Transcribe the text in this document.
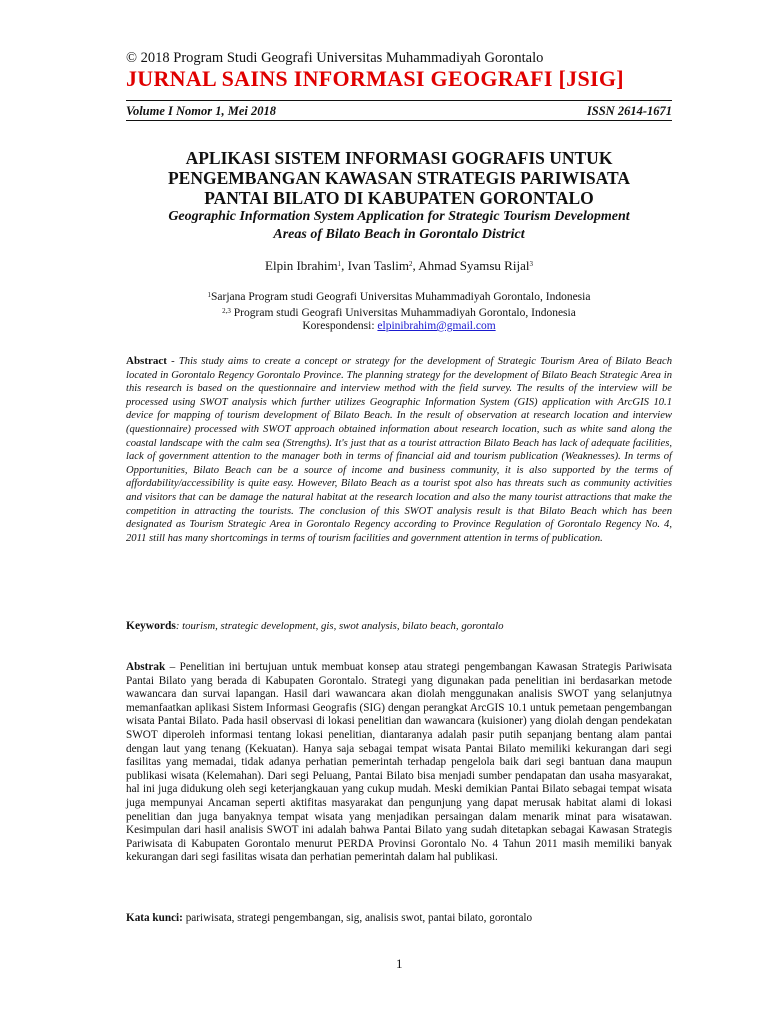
© 2018 Program Studi Geografi Universitas Muhammadiyah Gorontalo
JURNAL SAINS INFORMASI GEOGRAFI [JSIG]
Volume I Nomor 1, Mei 2018	ISSN 2614-1671
APLIKASI SISTEM INFORMASI GOGRAFIS UNTUK
PENGEMBANGAN KAWASAN STRATEGIS PARIWISATA
PANTAI BILATO DI KABUPATEN GORONTALO
Geographic Information System Application for Strategic Tourism Development
Areas of Bilato Beach in Gorontalo District
Elpin Ibrahim$^1$, Ivan Taslim$^2$, Ahmad Syamsu Rijal$^3$
$^1$Sarjana Program studi Geografi Universitas Muhammadiyah Gorontalo, Indonesia
$^{2,3}$ Program studi Geografi Universitas Muhammadiyah Gorontalo, Indonesia
Korespondensi: elpinibrahim@gmail.com
Abstract - This study aims to create a concept or strategy for the development of Strategic Tourism Area of Bilato Beach located in Gorontalo Regency Gorontalo Province. The planning strategy for the development of Bilato Beach Strategic Area in this research is based on the questionnaire and interview method with the field survey. The results of the interview will be processed using SWOT analysis which further utilizes Geographic Information System (GIS) application with ArcGIS 10.1 device for mapping of tourism development of Bilato Beach. In the result of observation at research location and interview (questionnaire) processed with SWOT approach obtained information about research location, such as white sand along the coastal landscape with the calm sea (Strengths). It's just that as a tourist attraction Bilato Beach has lack of adequate facilities, lack of government attention to the manager both in terms of financial aid and tourism publication (Weaknesses). In terms of Opportunities, Bilato Beach can be a source of income and business community, it is also supported by the terms of affordability/accessibility is quite easy. However, Bilato Beach as a tourist spot also has threats such as community activities and visitors that can be damage the natural habitat at the research location and also the many tourist attractions that make the competition in attracting the tourists. The conclusion of this SWOT analysis result is that Bilato Beach which has been designated as Tourism Strategic Area in Gorontalo Regency according to Province Regulation of Gorontalo Regency No. 4, 2011 still has many shortcomings in terms of tourism facilities and government attention in terms of publication.
Keywords: tourism, strategic development, gis, swot analysis, bilato beach, gorontalo
Abstrak – Penelitian ini bertujuan untuk membuat konsep atau strategi pengembangan Kawasan Strategis Pariwisata Pantai Bilato yang berada di Kabupaten Gorontalo. Strategi yang digunakan pada penelitian ini berdasarkan metode wawancara dan survai lapangan. Hasil dari wawancara akan diolah menggunakan analisis SWOT yang selanjutnya memanfaatkan aplikasi Sistem Informasi Geografis (SIG) dengan perangkat ArcGIS 10.1 untuk pemetaan pengembangan wisata Pantai Bilato. Pada hasil observasi di lokasi penelitian dan wawancara (kuisioner) yang diolah dengan pendekatan SWOT diperoleh informasi tentang lokasi penelitian, diantaranya adalah pasir putih sepanjang bentang alam pantai dengan laut yang tenang (Kekuatan). Hanya saja sebagai tempat wisata Pantai Bilato memiliki kekurangan dari segi fasilitas yang memadai, tidak adanya perhatian pemerintah terhadap pengelola baik dari segi bantuan dana maupun publikasi wisata (Kelemahan). Dari segi Peluang, Pantai Bilato bisa menjadi sumber pendapatan dan usaha masyarakat, hal ini juga didukung oleh segi keterjangkauan yang cukup mudah. Meski demikian Pantai Bilato sebagai tempat wisata juga mempunyai Ancaman seperti aktifitas masyarakat dan pengunjung yang dapat merusak habitat alami di lokasi penelitian dan juga banyaknya tempat wisata yang menjadikan persaingan dalam menarik minat para wisatawan. Kesimpulan dari hasil analisis SWOT ini adalah bahwa Pantai Bilato yang sudah ditetapkan sebagai Kawasan Strategis Pariwisata di Kabupaten Gorontalo menurut PERDA Provinsi Gorontalo No. 4 Tahun 2011 masih memiliki banyak kekurangan dari segi fasilitas wisata dan perhatian pemerintah dalam hal publikasi.
Kata kunci: pariwisata, strategi pengembangan, sig, analisis swot, pantai bilato, gorontalo
1
